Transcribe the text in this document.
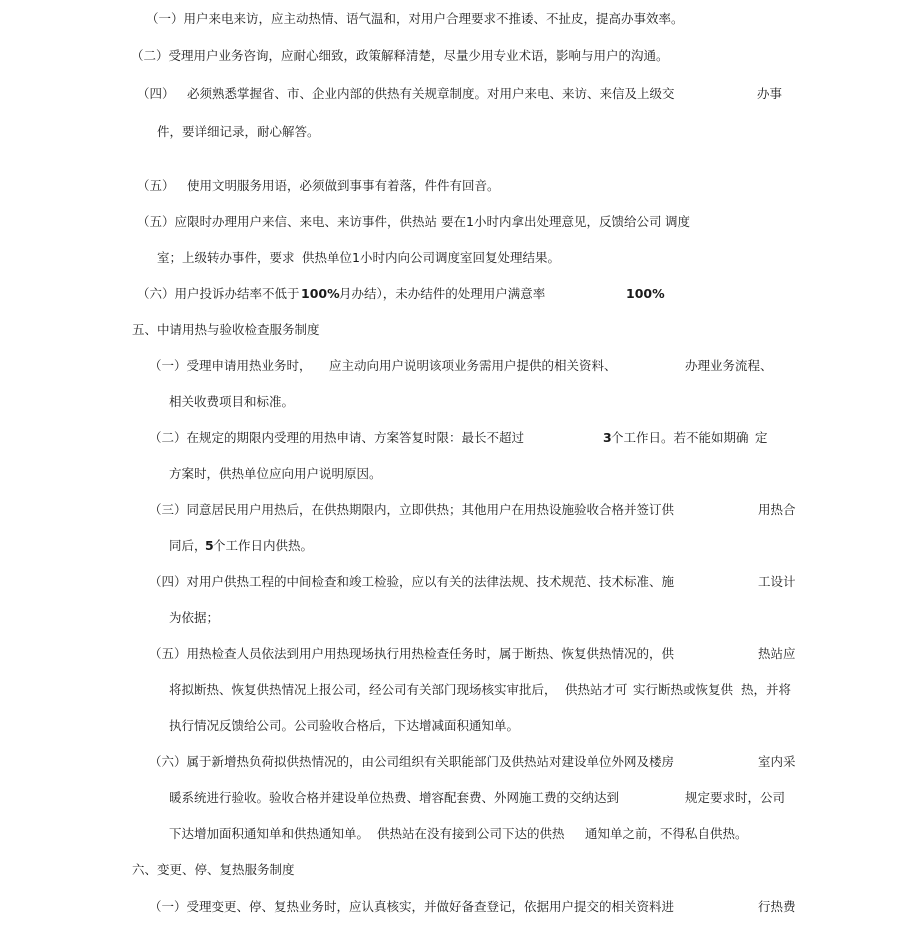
（一）用户来电来访，应主动热情、语气温和，对用户合理要求不推诿、不扯皮，提高办事效率。
（二）受理用户业务咨询，应耐心细致，政策解释清楚，尽量少用专业术语，影响与用户的沟通。
（四） 必须熟悉掌握省、市、企业内部的供热有关规章制度。对用户来电、来访、来信及上级交	办事
件，要详细记录，耐心解答。
（五） 使用文明服务用语，必须做到事事有着落，件件有回音。
（五）应限时办理用户来信、来电、来访事件，供热站 要在1小时内拿出处理意见，反馈给公司 调度
室；上级转办事件，要求 供热单位1小时内向公司调度室回复处理结果。
（六）用户投诉办结率不低于 100% 月办结），未办结件的处理用户满意率	100%
五、中请用热与验收检查服务制度
（一）受理申请用热业务时， 应主动向用户说明该项业务需用户提供的相关资料、	办理业务流程、
相关收费项目和标准。
（二）在规定的期限内受理的用热申请、方案答复时限：最长不超过	3 个工作日。若不能如期确 定
方案时，供热单位应向用户说明原因。
（三）同意居民用户用热后，在供热期限内，立即供热；其他用户在用热设施验收合格并签订供	用热合
同后，
5 个工作日内供热。
（四）对用户供热工程的中间检查和竣工检验，应以有关的法律法规、技术规范、技术标准、施	工设计
为依据；
（五）用热检查人员依法到用户用热现场执行用热检查任务时，属于断热、恢复供热情况的，供	热站应
将拟断热、恢复供热情况上报公司，经公司有关部门现场核实审批后， 供热站才可 实行断热或恢复供 热，并将
执行情况反馈给公司。公司验收合格后，下达增减面积通知单。
（六）属于新增热负荷拟供热情况的，由公司组织有关职能部门及供热站对建设单位外网及楼房	室内采
暖系统进行验收。验收合格并建设单位热费、增容配套费、外网施工费的交纳达到	规定要求时，公司
下达增加面积通知单和供热通知单。 供热站在没有接到公司下达的供热 通知单之前，不得私自供热。
六、变更、停、复热服务制度
（一）受理变更、停、复热业务时，应认真核实，并做好备查登记，依据用户提交的相关资料进	行热费
